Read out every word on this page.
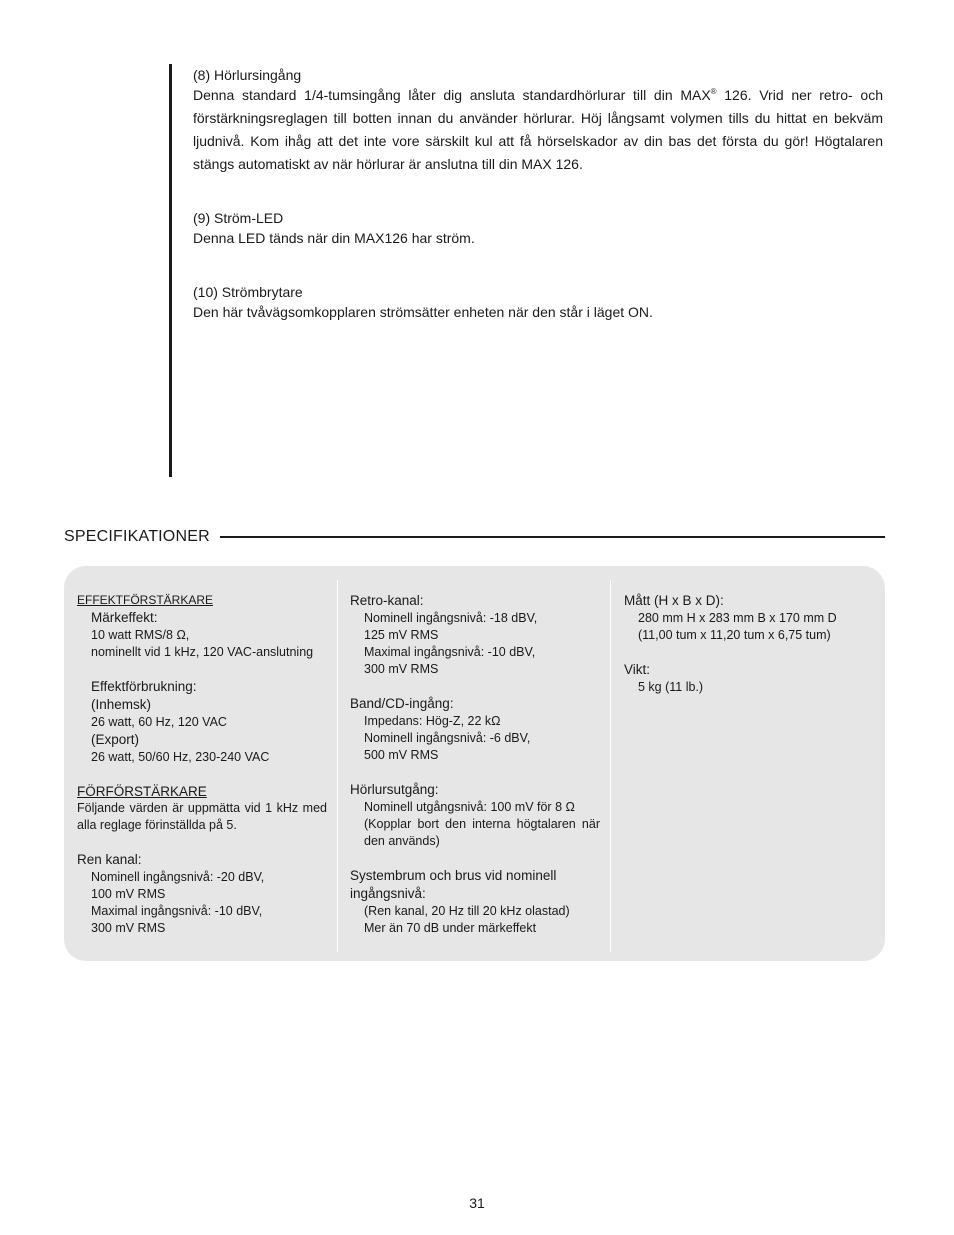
(8) Hörlursingång

Denna standard 1/4-tumsingång låter dig ansluta standardhörlurar till din MAX® 126. Vrid ner retro- och förstärkningsreglagen till botten innan du använder hörlurar. Höj långsamt volymen tills du hittat en bekväm ljudnivå. Kom ihåg att det inte vore särskilt kul att få hörselskador av din bas det första du gör! Högtalaren stängs automatiskt av när hörlurar är anslutna till din MAX 126.

(9) Ström-LED

Denna LED tänds när din MAX126 har ström.

(10) Strömbrytare

Den här tvåvägsomkopplaren strömsätter enheten när den står i läget ON.

SPECIFIKATIONER
EFFEKTFÖRSTÄRKARE
Märkeffekt:
10 watt RMS/8 Ω,
nominellt vid 1 kHz, 120 VAC-anslutning
Effektförbrukning:
(Inhemsk)
26 watt, 60 Hz, 120 VAC
(Export)
26 watt, 50/60 Hz, 230-240 VAC
FÖRFÖRSTÄRKARE
Följande värden är uppmätta vid 1 kHz med alla reglage förinställda på 5.
Ren kanal:
Nominell ingångsnivå: -20 dBV,
100 mV RMS
Maximal ingångsnivå: -10 dBV,
300 mV RMS
Retro-kanal:
Nominell ingångsnivå: -18 dBV,
125 mV RMS
Maximal ingångsnivå: -10 dBV,
300 mV RMS
Band/CD-ingång:
Impedans: Hög-Z, 22 kΩ
Nominell ingångsnivå: -6 dBV,
500 mV RMS
Hörlursutgång:
Nominell utgångsnivå: 100 mV för 8 Ω
(Kopplar bort den interna högtalaren när den används)
Systembrum och brus vid nominell ingångsnivå:
(Ren kanal, 20 Hz till 20 kHz olastad)
Mer än 70 dB under märkeffekt
Mått (H x B x D):
280 mm H x 283 mm B x 170 mm D
(11,00 tum x 11,20 tum x 6,75 tum)
Vikt:
5 kg (11 lb.)
31
